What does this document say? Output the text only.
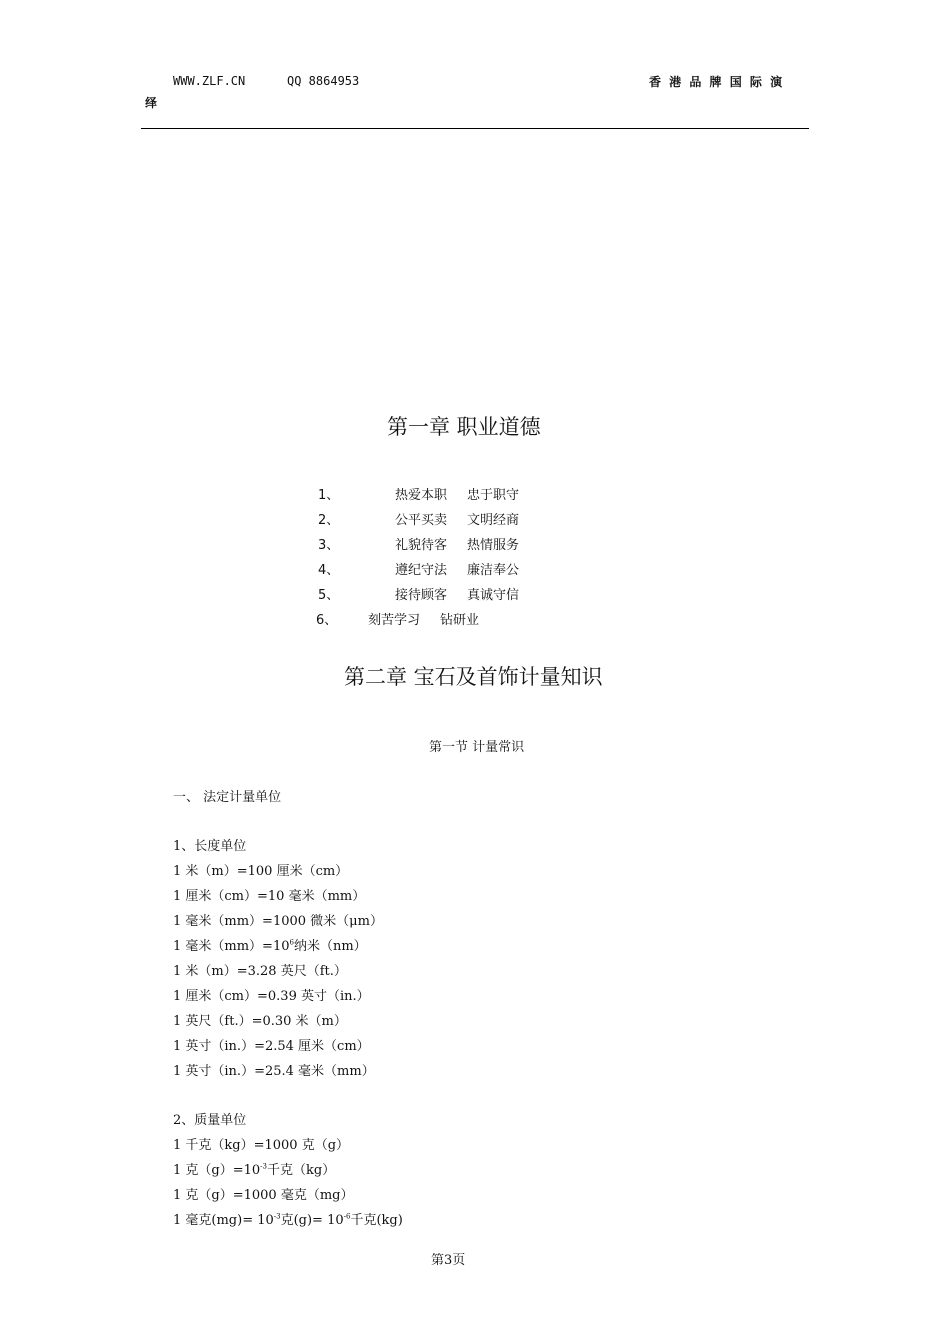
WWW.ZLF.CN	QQ 8864953	香 港 品 牌 国 际 演
绎
第一章 职业道德
1、	热爱本职 忠于职守
2、	公平买卖 文明经商
3、	礼貌待客 热情服务
4、	遵纪守法 廉洁奉公
5、	接待顾客 真诚守信
6、 刻苦学习 钻研业
第二章 宝石及首饰计量知识
第一节 计量常识
一、 法定计量单位
1、长度单位
1 米（m）=100 厘米（cm）
1 厘米（cm）=10 毫米（mm）
1 毫米（mm）=1000 微米（μm）
1 毫米$(mm)=10^6$纳米（nm）
1 米（m）=3.28 英尺（ft.）
1 厘米（cm）=0.39 英寸（in.）
1 英尺（ft.）=0.30 米（m）
1 英寸（in.）=2.54 厘米（cm）
1 英寸（in.）=25.4 毫米（mm）
2、质量单位
1 千克（kg）=1000 克（g）
1 克$(g)=10^{-3}$千克（kg）
1 克（g）=1000 毫克（mg）
1 毫克$(mg)= 10^{-3}$克$(g)= 10^{-6}$千克(kg)
第3页
